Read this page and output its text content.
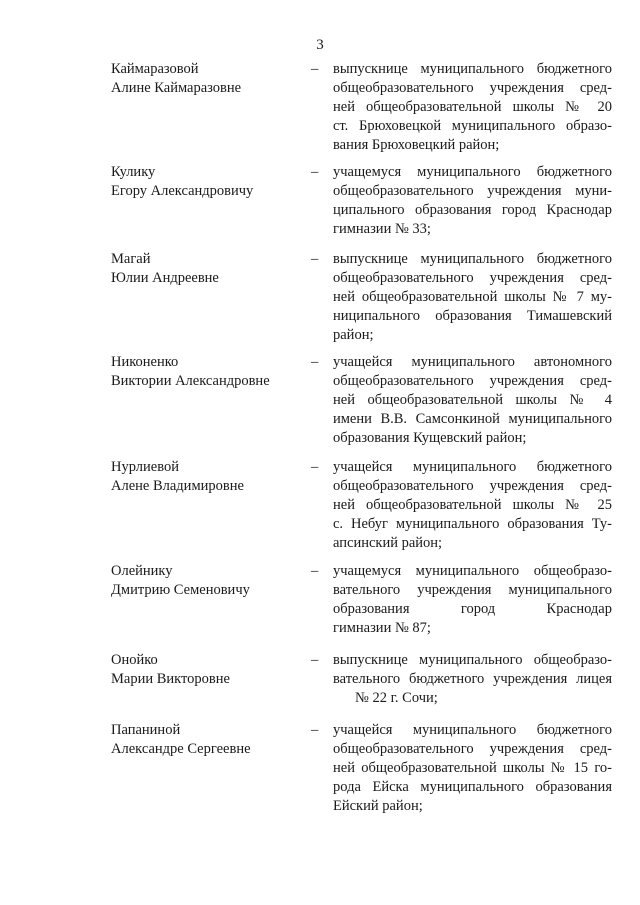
3
Каймаразовой
Алине Каймаразовне
– выпускнице муниципального бюджетного
общеобразовательного учреждения сред-
ней общеобразовательной школы № 20
ст. Брюховецкой муниципального образо-
вания Брюховецкий район;
Кулику
Егору Александровичу
– учащемуся муниципального бюджетного
общеобразовательного учреждения муни-
ципального образования город Краснодар
гимназии № 33;
Магай
Юлии Андреевне
– выпускнице муниципального бюджетного
общеобразовательного учреждения сред-
ней общеобразовательной школы № 7 му-
ниципального образования Тимашевский
район;
Никоненко
Виктории Александровне
– учащейся муниципального автономного
общеобразовательного учреждения сред-
ней общеобразовательной школы № 4
имени В.В. Самсонкиной муниципального
образования Кущевский район;
Нурлиевой
Алене Владимировне
– учащейся муниципального бюджетного
общеобразовательного учреждения сред-
ней общеобразовательной школы № 25
с. Небуг муниципального образования Ту-
апсинский район;
Олейнику
Дмитрию Семеновичу
– учащемуся муниципального общеобразо-
вательного учреждения муниципального
образования город Краснодар
гимназии № 87;
Онойко
Марии Викторовне
– выпускнице муниципального общеобразо-
вательного бюджетного учреждения лицея
№ 22 г. Сочи;
Папаниной
Александре Сергеевне
– учащейся муниципального бюджетного
общеобразовательного учреждения сред-
ней общеобразовательной школы № 15 го-
рода Ейска муниципального образования
Ейский район;
